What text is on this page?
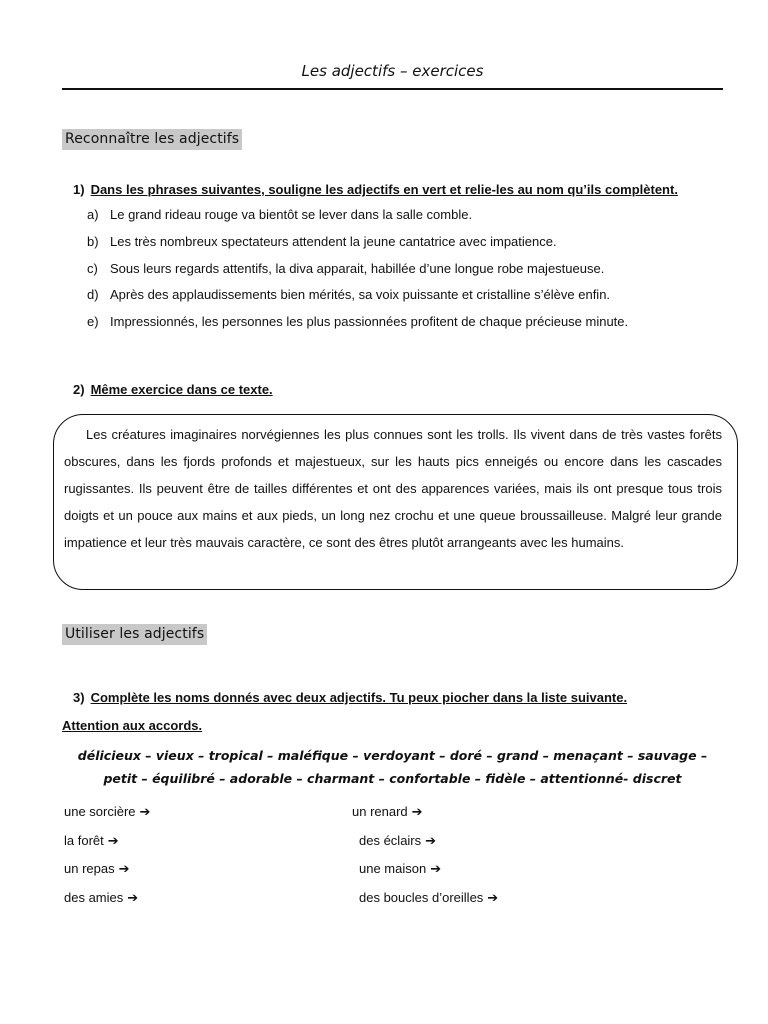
Les adjectifs – exercices
Reconnaître les adjectifs
1) Dans les phrases suivantes, souligne les adjectifs en vert et relie-les au nom qu’ils complètent.
a) Le grand rideau rouge va bientôt se lever dans la salle comble.
b) Les très nombreux spectateurs attendent la jeune cantatrice avec impatience.
c) Sous leurs regards attentifs, la diva apparait, habillée d’une longue robe majestueuse.
d) Après des applaudissements bien mérités, sa voix puissante et cristalline s’élève enfin.
e) Impressionnés, les personnes les plus passionnées profitent de chaque précieuse minute.
2) Même exercice dans ce texte.

Les créatures imaginaires norvégiennes les plus connues sont les trolls. Ils vivent dans de très vastes forêts obscures, dans les fjords profonds et majestueux, sur les hauts pics enneigés ou encore dans les cascades rugissantes. Ils peuvent être de tailles différentes et ont des apparences variées, mais ils ont presque tous trois doigts et un pouce aux mains et aux pieds, un long nez crochu et une queue broussailleuse. Malgré leur grande impatience et leur très mauvais caractère, ce sont des êtres plutôt arrangeants avec les humains.

Utiliser les adjectifs
3) Complète les noms donnés avec deux adjectifs. Tu peux piocher dans la liste suivante.
Attention aux accords.

délicieux – vieux – tropical – maléfique – verdoyant – doré – grand – menaçant – sauvage –
petit – équilibré – adorable – charmant – confortable – fidèle – attentionné- discret

une sorcière ➔
la forêt ➔
un repas ➔
des amies ➔
un renard ➔
des éclairs ➔
une maison ➔
des boucles d’oreilles ➔
